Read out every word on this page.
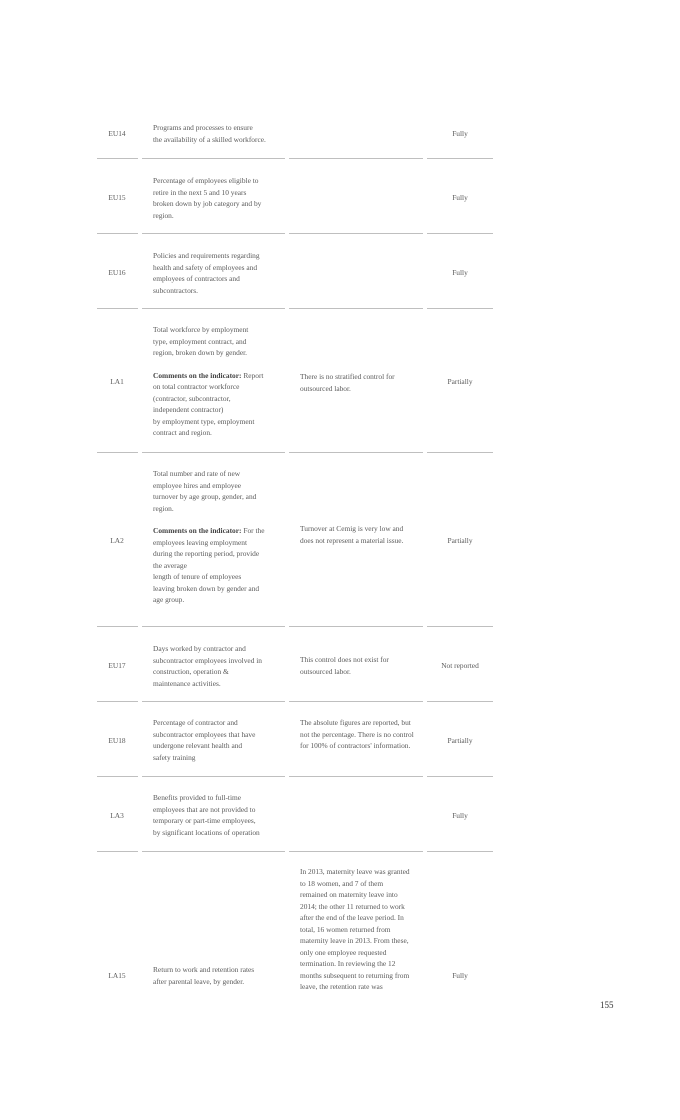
EU14
Programs and processes to ensure
the availability of a skilled workforce.
Fully
EU15
Percentage of employees eligible to
retire in the next 5 and 10 years
broken down by job category and by
region.
Fully
EU16
Policies and requirements regarding
health and safety of employees and
employees of contractors and
subcontractors.
Fully
LA1
Total workforce by employment
type, employment contract, and
region, broken down by gender.
Comments on the indicator: Report
on total contractor workforce
(contractor, subcontractor,
independent contractor)
by employment type, employment
contract and region.
There is no stratified control for outsourced labor.
Partially
LA2
Total number and rate of new
employee hires and employee
turnover by age group, gender, and
region.
Comments on the indicator: For the
employees leaving employment
during the reporting period, provide
the average
length of tenure of employees
leaving broken down by gender and
age group.
Turnover at Cemig is very low and does not represent a material issue.	Partially
EU17
Days worked by contractor and
subcontractor employees involved in
construction, operation &
maintenance activities.
This control does not exist for outsourced labor.
Not reported
EU18
Percentage of contractor and
subcontractor employees that have
undergone relevant health and
safety training
The absolute figures are reported, but not the percentage. There is no control for 100% of contractors' information.
Partially
LA3
Benefits provided to full-time
employees that are not provided to
temporary or part-time employees,
by significant locations of operation
Fully
LA15
Return to work and retention rates
after parental leave, by gender.
In 2013, maternity leave was granted to 18 women, and 7 of them remained on maternity leave into 2014; the other 11 returned to work after the end of the leave period. In total, 16 women returned from maternity leave in 2013. From these, only one employee requested termination. In reviewing the 12 months subsequent to returning from leave, the retention rate was
Fully
155
